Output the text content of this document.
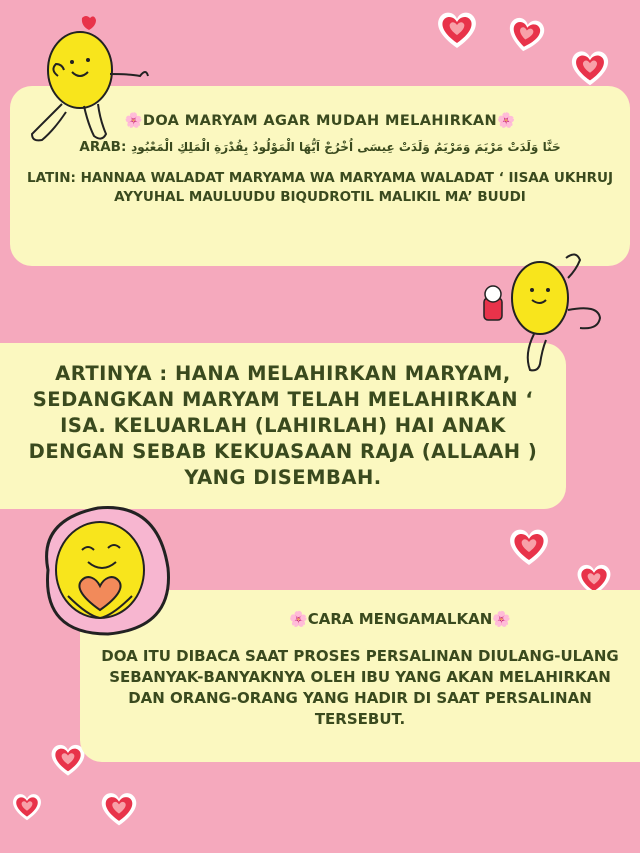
🌸DOA MARYAM AGAR MUDAH MELAHIRKAN🌸
ARAB: حَنَّا وَلَدَتْ مَرْيَمَ وَمَرْيَمُ وَلَدَتْ عِيسَى اُخْرُجْ اَيُّهَا الْمَوْلُودُ بِقُدْرَةِ الْمَلِكِ الْمَعْبُودِ
LATIN: HANNAA WALADAT MARYAMA WA MARYAMA WALADAT ‘ IISAA UKHRUJ AYYUHAL MAULUUDU BIQUDROTIL MALIKIL MA’ BUUDI
ARTINYA : HANA MELAHIRKAN MARYAM, SEDANGKAN MARYAM TELAH MELAHIRKAN ‘ ISA. KELUARLAH (LAHIRLAH) HAI ANAK DENGAN SEBAB KEKUASAAN RAJA (ALLAAH ) YANG DISEMBAH.
🌸CARA MENGAMALKAN🌸
DOA ITU DIBACA SAAT PROSES PERSALINAN DIULANG-ULANG SEBANYAK-BANYAKNYA OLEH IBU YANG AKAN MELAHIRKAN DAN ORANG-ORANG YANG HADIR DI SAAT PERSALINAN TERSEBUT.
